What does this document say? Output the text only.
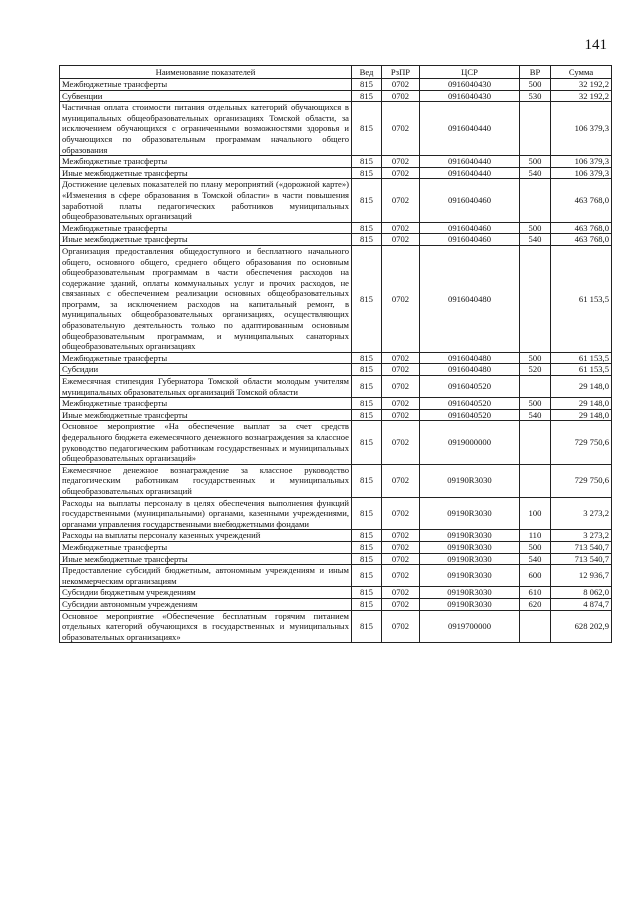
141
Наименование показателей	Вед	РзПР	ЦСР	ВР	Сумма
Межбюджетные трансферты	815	0702	0916040430	500	32 192,2
Субвенции	815	0702	0916040430	530	32 192,2
Частичная оплата стоимости питания отдельных категорий обучающихся в муниципальных общеобразовательных организациях Томской области, за исключением обучающихся с ограниченными возможностями здоровья и обучающихся по образовательным программам начального общего образования	815	0702	0916040440		106 379,3
Межбюджетные трансферты	815	0702	0916040440	500	106 379,3
Иные межбюджетные трансферты	815	0702	0916040440	540	106 379,3
Достижение целевых показателей по плану мероприятий («дорожной карте») «Изменения в сфере образования в Томской области» в части повышения заработной платы педагогических работников муниципальных общеобразовательных организаций	815	0702	0916040460		463 768,0
Межбюджетные трансферты	815	0702	0916040460	500	463 768,0
Иные межбюджетные трансферты	815	0702	0916040460	540	463 768,0
Организация предоставления общедоступного и бесплатного начального общего, основного общего, среднего общего образования по основным общеобразовательным программам в части обеспечения расходов на содержание зданий, оплаты коммунальных услуг и прочих расходов, не связанных с обеспечением реализации основных общеобразовательных программ, за исключением расходов на капитальный ремонт, в муниципальных общеобразовательных организациях, осуществляющих образовательную деятельность только по адаптированным основным общеобразовательным программам, и муниципальных санаторных общеобразовательных организациях	815	0702	0916040480		61 153,5
Межбюджетные трансферты	815	0702	0916040480	500	61 153,5
Субсидии	815	0702	0916040480	520	61 153,5
Ежемесячная стипендия Губернатора Томской области молодым учителям муниципальных образовательных организаций Томской области	815	0702	0916040520		29 148,0
Межбюджетные трансферты	815	0702	0916040520	500	29 148,0
Иные межбюджетные трансферты	815	0702	0916040520	540	29 148,0
Основное мероприятие «На обеспечение выплат за счет средств федерального бюджета ежемесячного денежного вознаграждения за классное руководство педагогическим работникам государственных и муниципальных общеобразовательных организаций»	815	0702	0919000000		729 750,6
Ежемесячное денежное вознаграждение за классное руководство педагогическим работникам государственных и муниципальных общеобразовательных организаций	815	0702	09190R3030		729 750,6
Расходы на выплаты персоналу в целях обеспечения выполнения функций государственными (муниципальными) органами, казенными учреждениями, органами управления государственными внебюджетными фондами	815	0702	09190R3030	100	3 273,2
Расходы на выплаты персоналу казенных учреждений	815	0702	09190R3030	110	3 273,2
Межбюджетные трансферты	815	0702	09190R3030	500	713 540,7
Иные межбюджетные трансферты	815	0702	09190R3030	540	713 540,7
Предоставление субсидий бюджетным, автономным учреждениям и иным некоммерческим организациям	815	0702	09190R3030	600	12 936,7
Субсидии бюджетным учреждениям	815	0702	09190R3030	610	8 062,0
Субсидии автономным учреждениям	815	0702	09190R3030	620	4 874,7
Основное мероприятие «Обеспечение бесплатным горячим питанием отдельных категорий обучающихся в государственных и муниципальных образовательных организациях»	815	0702	0919700000		628 202,9
